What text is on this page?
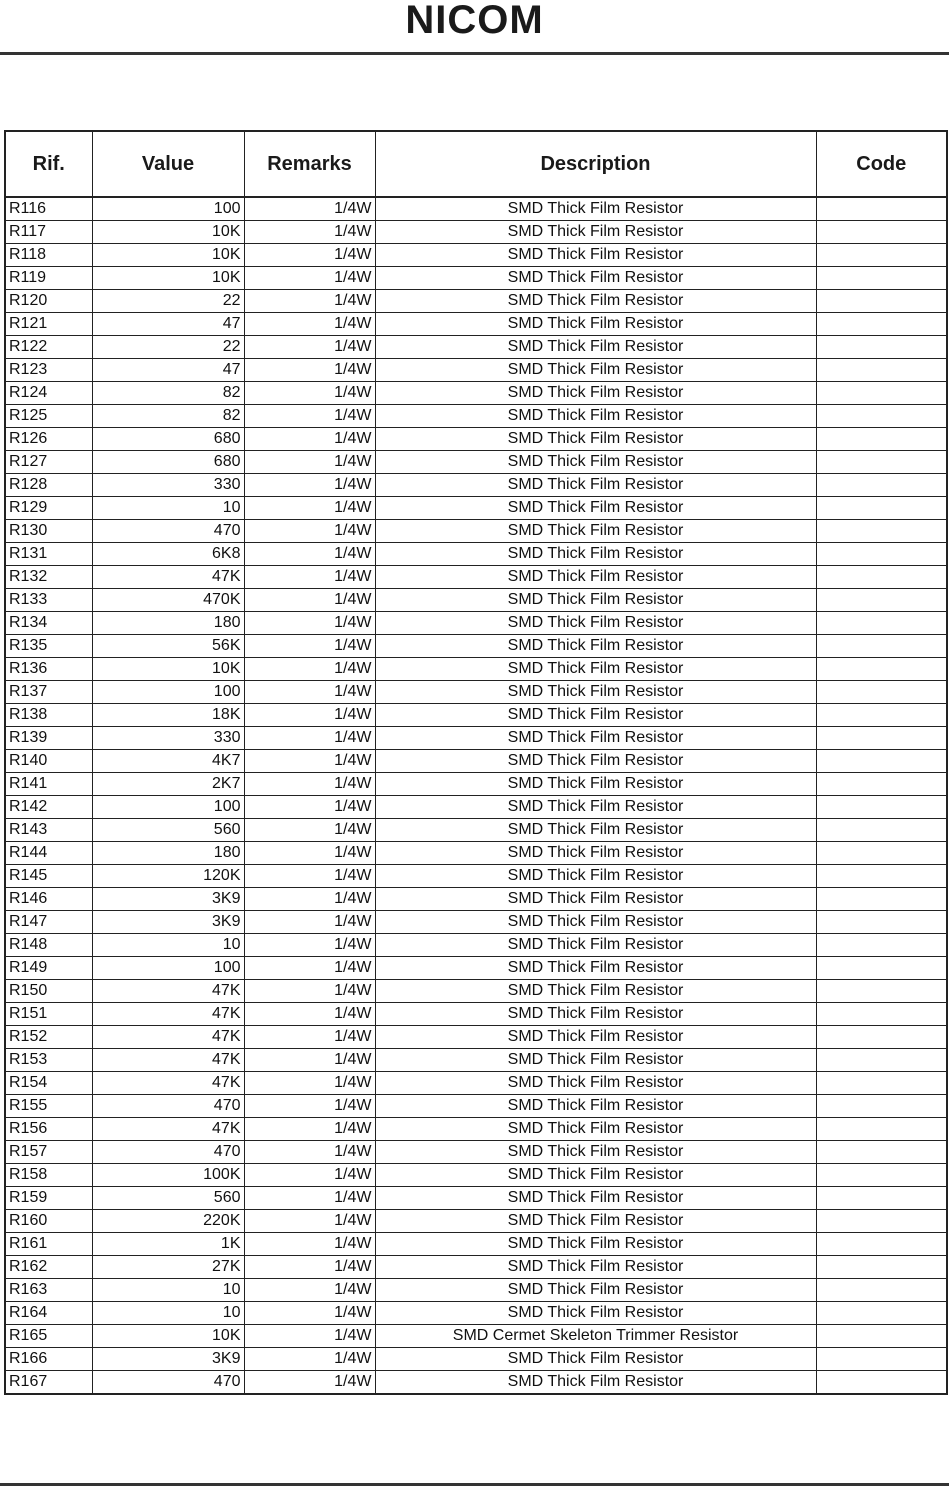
NICOM
Rif.	Value	Remarks	Description	Code
R116	100	1/4W	SMD Thick Film Resistor	
R117	10K	1/4W	SMD Thick Film Resistor	
R118	10K	1/4W	SMD Thick Film Resistor	
R119	10K	1/4W	SMD Thick Film Resistor	
R120	22	1/4W	SMD Thick Film Resistor	
R121	47	1/4W	SMD Thick Film Resistor	
R122	22	1/4W	SMD Thick Film Resistor	
R123	47	1/4W	SMD Thick Film Resistor	
R124	82	1/4W	SMD Thick Film Resistor	
R125	82	1/4W	SMD Thick Film Resistor	
R126	680	1/4W	SMD Thick Film Resistor	
R127	680	1/4W	SMD Thick Film Resistor	
R128	330	1/4W	SMD Thick Film Resistor	
R129	10	1/4W	SMD Thick Film Resistor	
R130	470	1/4W	SMD Thick Film Resistor	
R131	6K8	1/4W	SMD Thick Film Resistor	
R132	47K	1/4W	SMD Thick Film Resistor	
R133	470K	1/4W	SMD Thick Film Resistor	
R134	180	1/4W	SMD Thick Film Resistor	
R135	56K	1/4W	SMD Thick Film Resistor	
R136	10K	1/4W	SMD Thick Film Resistor	
R137	100	1/4W	SMD Thick Film Resistor	
R138	18K	1/4W	SMD Thick Film Resistor	
R139	330	1/4W	SMD Thick Film Resistor	
R140	4K7	1/4W	SMD Thick Film Resistor	
R141	2K7	1/4W	SMD Thick Film Resistor	
R142	100	1/4W	SMD Thick Film Resistor	
R143	560	1/4W	SMD Thick Film Resistor	
R144	180	1/4W	SMD Thick Film Resistor	
R145	120K	1/4W	SMD Thick Film Resistor	
R146	3K9	1/4W	SMD Thick Film Resistor	
R147	3K9	1/4W	SMD Thick Film Resistor	
R148	10	1/4W	SMD Thick Film Resistor	
R149	100	1/4W	SMD Thick Film Resistor	
R150	47K	1/4W	SMD Thick Film Resistor	
R151	47K	1/4W	SMD Thick Film Resistor	
R152	47K	1/4W	SMD Thick Film Resistor	
R153	47K	1/4W	SMD Thick Film Resistor	
R154	47K	1/4W	SMD Thick Film Resistor	
R155	470	1/4W	SMD Thick Film Resistor	
R156	47K	1/4W	SMD Thick Film Resistor	
R157	470	1/4W	SMD Thick Film Resistor	
R158	100K	1/4W	SMD Thick Film Resistor	
R159	560	1/4W	SMD Thick Film Resistor	
R160	220K	1/4W	SMD Thick Film Resistor	
R161	1K	1/4W	SMD Thick Film Resistor	
R162	27K	1/4W	SMD Thick Film Resistor	
R163	10	1/4W	SMD Thick Film Resistor	
R164	10	1/4W	SMD Thick Film Resistor	
R165	10K	1/4W	SMD Cermet Skeleton Trimmer Resistor	
R166	3K9	1/4W	SMD Thick Film Resistor	
R167	470	1/4W	SMD Thick Film Resistor	
